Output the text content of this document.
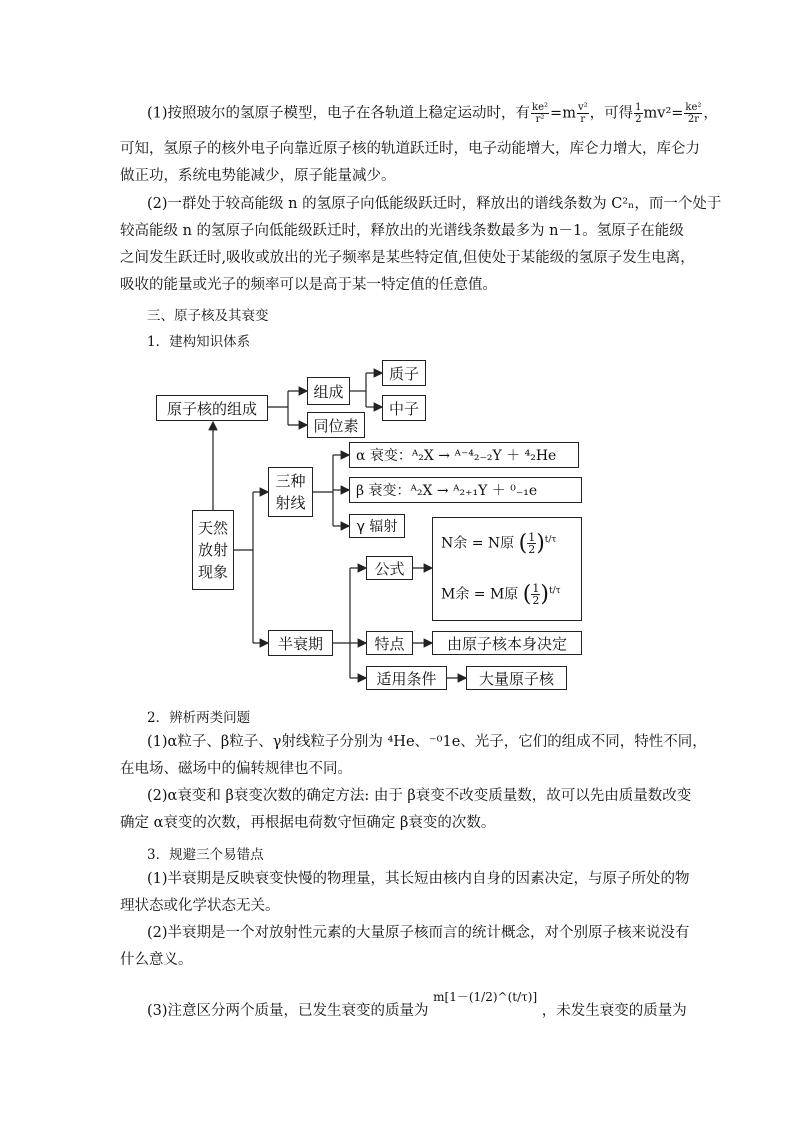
(1)按照玻尔的氢原子模型，电子在各轨道上稳定运动时，有 $\frac{\text{ke²}}{\text{r²}} =m \frac{\text{v²}}{r}$ ，可得 $\frac{1}{2} mv^2= \frac{\text{ke²}}{2r}$ ，
可知，氢原子的核外电子向靠近原子核的轨道跃迁时，电子动能增大，库仑力增大，库仑力
做正功，系统电势能减少，原子能量减少。
(2)一群处于较高能级 n 的氢原子向低能级跃迁时，释放出的谱线条数为 C²ₙ，而一个处于
较高能级 n 的氢原子向低能级跃迁时，释放出的光谱线条数最多为 n－1。氢原子在能级
之间发生跃迁时,吸收或放出的光子频率是某些特定值,但使处于某能级的氢原子发生电离，
吸收的能量或光子的频率可以是高于某一特定值的任意值。
三、原子核及其衰变
1．建构知识体系
原子核的组成
组成
质子
中子
同位素
天然
放射
现象
三种
射线
α 衰变：ᴬ₂X → ᴬ⁻⁴₂₋₂Y ＋ ⁴₂He
β 衰变：ᴬ₂X → ᴬ₂₊₁Y ＋ ⁰₋₁e
γ 辐射
半衰期
公式
N余 = N原 ( $\frac{1}{2} )^{t/\tau}$
M余 = M原 ( $\frac{1}{2} )^{t/\tau}$
特点	由原子核本身决定
适用条件	大量原子核
2．辨析两类问题
(1)α粒子、β粒子、γ射线粒子分别为 ⁴He、⁻⁰1e、光子，它们的组成不同，特性不同，
在电场、磁场中的偏转规律也不同。
(2)α衰变和 β衰变次数的确定方法: 由于 β衰变不改变质量数，故可以先由质量数改变
确定 α衰变的次数，再根据电荷数守恒确定 β衰变的次数。
3．规避三个易错点
(1)半衰期是反映衰变快慢的物理量，其长短由核内自身的因素决定，与原子所处的物
理状态或化学状态无关。
(2)半衰期是一个对放射性元素的大量原子核而言的统计概念，对个别原子核来说没有
什么意义。
(3)注意区分两个质量，已发生衰变的质量为 $^{m[1-(1/2)\^{}(t/\tau)]}$ ，未发生衰变的质量为
